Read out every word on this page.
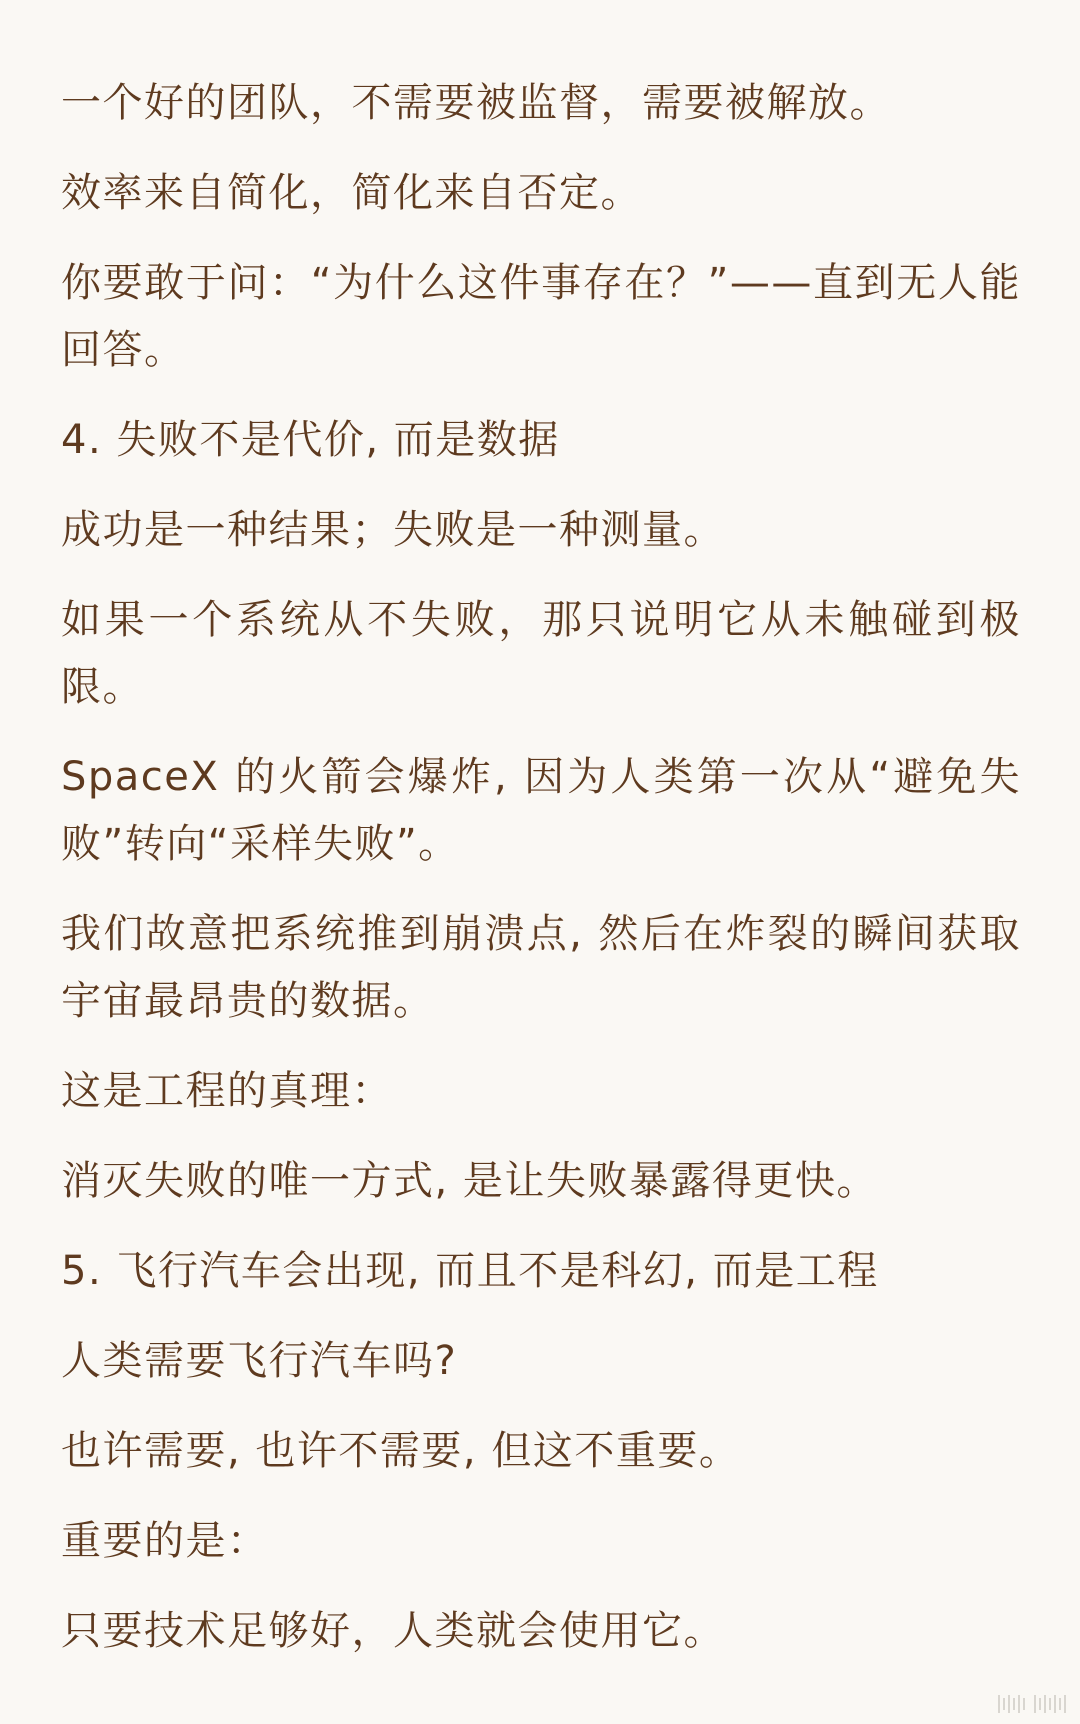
一个好的团队，不需要被监督，需要被解放。

效率来自简化，简化来自否定。

你要敢于问：“为什么这件事存在？”——直到无人能回答。

4. 失败不是代价, 而是数据

成功是一种结果；失败是一种测量。

如果一个系统从不失败，那只说明它从未触碰到极限。

SpaceX 的火箭会爆炸, 因为人类第一次从“避免失败”转向“采样失败”。

我们故意把系统推到崩溃点, 然后在炸裂的瞬间获取宇宙最昂贵的数据。

这是工程的真理：

消灭失败的唯一方式, 是让失败暴露得更快。

5. 飞行汽车会出现, 而且不是科幻, 而是工程

人类需要飞行汽车吗?

也许需要, 也许不需要, 但这不重要。

重要的是：

只要技术足够好，人类就会使用它。
